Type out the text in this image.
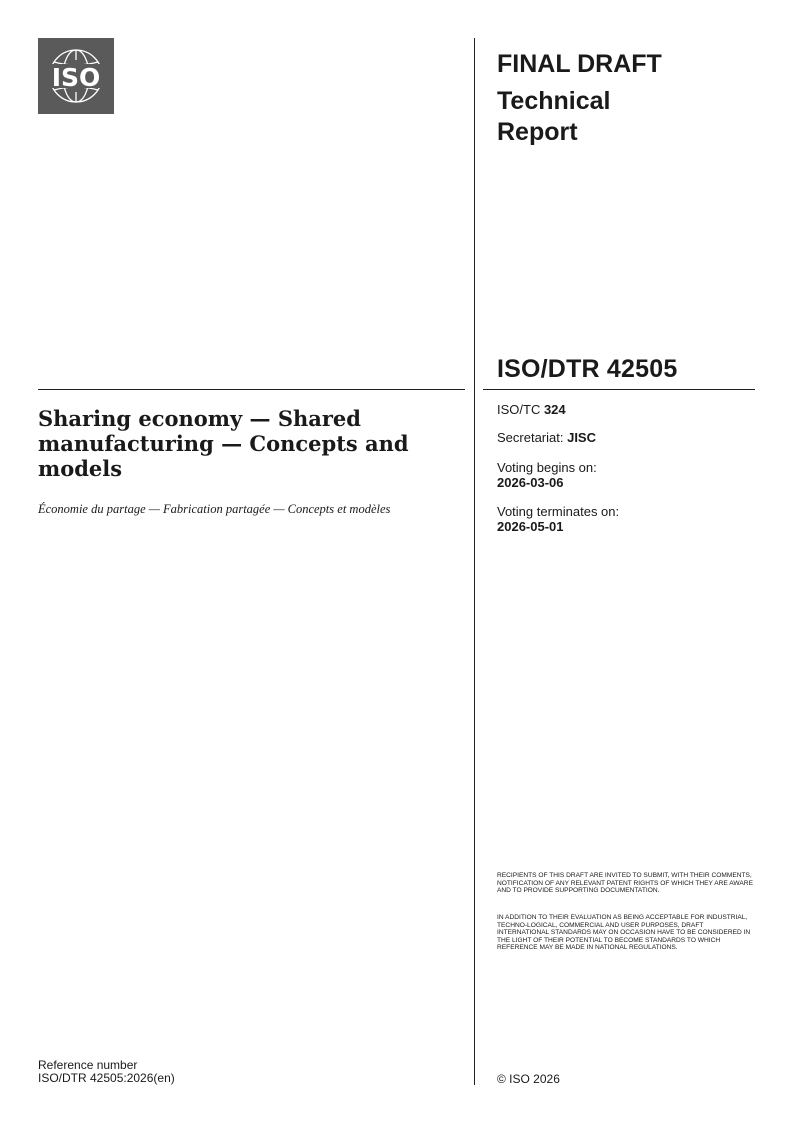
ISO	FINAL DRAFT
Technical Report
ISO/DTR 42505
ISO/TC 324
Secretariat: JISC
Voting begins on:
2026-03-06
Voting terminates on:
2026-05-01
Sharing economy — Shared manufacturing — Concepts and models
Économie du partage — Fabrication partagée — Concepts et modèles
RECIPIENTS OF THIS DRAFT ARE INVITED TO SUBMIT, WITH THEIR COMMENTS, NOTIFICATION OF ANY RELEVANT PATENT RIGHTS OF WHICH THEY ARE AWARE AND TO PROVIDE SUPPORTING DOCUMENTATION.
IN ADDITION TO THEIR EVALUATION AS BEING ACCEPTABLE FOR INDUSTRIAL, TECHNO-LOGICAL, COMMERCIAL AND USER PURPOSES, DRAFT INTERNATIONAL STANDARDS MAY ON OCCASION HAVE TO BE CONSIDERED IN THE LIGHT OF THEIR POTENTIAL TO BECOME STANDARDS TO WHICH REFERENCE MAY BE MADE IN NATIONAL REGULATIONS.
Reference number
ISO/DTR 42505:2026(en)	© ISO 2026
